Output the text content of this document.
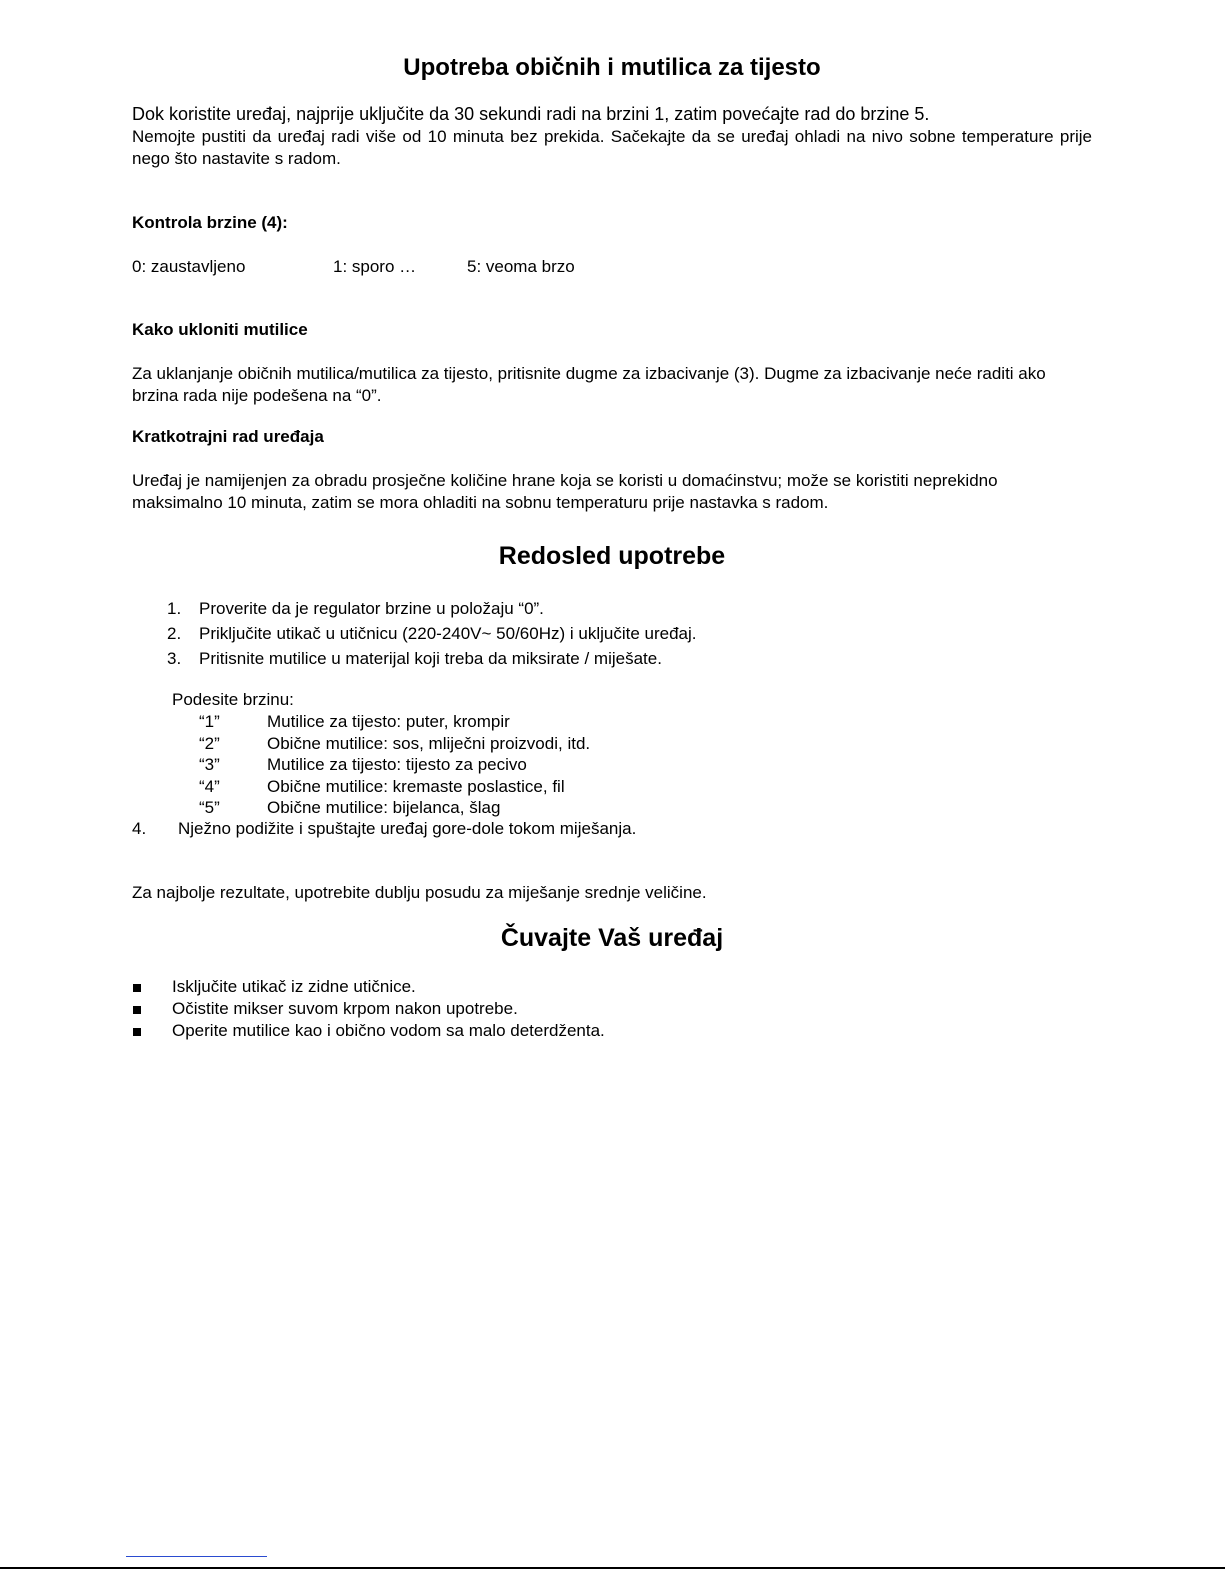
Upotreba običnih i mutilica za tijesto
Dok koristite uređaj, najprije uključite da 30 sekundi radi na brzini 1, zatim povećajte rad do brzine 5.
Nemojte pustiti da uređaj radi više od 10 minuta bez prekida. Sačekajte da se uređaj ohladi na nivo sobne temperature prije nego što nastavite s radom.
Kontrola brzine (4):
0: zaustavljeno	1: sporo …	5: veoma brzo
Kako ukloniti mutilice
Za uklanjanje običnih mutilica/mutilica za tijesto, pritisnite dugme za izbacivanje (3). Dugme za izbacivanje neće raditi ako brzina rada nije podešena na “0”.
Kratkotrajni rad uređaja
Uređaj je namijenjen za obradu prosječne količine hrane koja se koristi u domaćinstvu; može se koristiti neprekidno maksimalno 10 minuta, zatim se mora ohladiti na sobnu temperaturu prije nastavka s radom.
Redosled upotrebe
1. Proverite da je regulator brzine u položaju “0”.
2. Priključite utikač u utičnicu (220-240V~ 50/60Hz) i uključite uređaj.
3. Pritisnite mutilice u materijal koji treba da miksirate / miješate.
Podesite brzinu:
“1”	Mutilice za tijesto: puter, krompir
“2”	Obične mutilice: sos, mliječni proizvodi, itd.
“3”	Mutilice za tijesto: tijesto za pecivo
“4”	Obične mutilice: kremaste poslastice, fil
“5”	Obične mutilice: bijelanca, šlag
4. Nježno podižite i spuštajte uređaj gore-dole tokom miješanja.
Za najbolje rezultate, upotrebite dublju posudu za miješanje srednje veličine.
Čuvajte Vaš uređaj
Isključite utikač iz zidne utičnice.
Očistite mikser suvom krpom nakon upotrebe.
Operite mutilice kao i obično vodom sa malo deterdženta.
